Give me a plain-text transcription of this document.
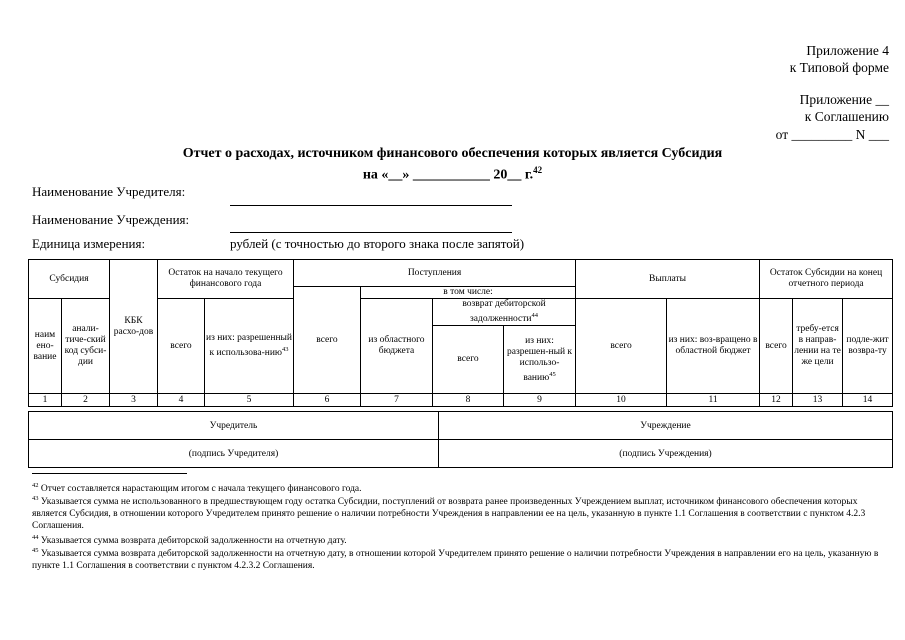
Приложение 4
к Типовой форме
Приложение __
к Соглашению
от _________ N ___
Отчет о расходах, источником финансового обеспечения которых является Субсидия
на «__» ___________ 20__ г.$^{42}$
Наименование Учредителя:
Наименование Учреждения:
Единица измерения:	рублей (с точностью до второго знака после запятой)
Субсидия		КБК расхо-дов	Остаток на начало текущего финансового года		Поступления				Выплаты		Остаток Субсидии на конец отчетного периода		
					всего	в том числе:							
наим ено-вание	анали-тиче-ский код субси-дии		всего	из них: разрешенный к использова-нию$^{43}$		из областного бюджета	возврат дебиторской задолженности$^{44}$		всего	из них: воз-вращено в областной бюджет	всего	требу-ется в направ-лении на те же цели	подле-жит возвра-ту
							всего	из них: разрешен-ный к использо-ванию$^{45}$
1	2	3	4	5	6	7	8	9	10	11	12	13	14
Учредитель	Учреждение
(подпись Учредителя)	(подпись Учреждения)
$^{42}$ Отчет составляется нарастающим итогом с начала текущего финансового года.
$^{43}$ Указывается сумма не использованного в предшествующем году остатка Субсидии, поступлений от возврата ранее произведенных Учреждением выплат, источником финансового обеспечения которых является Субсидия, в отношении которого Учредителем принято решение о наличии потребности Учреждения в направлении ее на цель, указанную в пункте 1.1 Соглашения в соответствии с пунктом 4.2.3 Соглашения.
$^{44}$ Указывается сумма возврата дебиторской задолженности на отчетную дату.
$^{45}$ Указывается сумма возврата дебиторской задолженности на отчетную дату, в отношении которой Учредителем принято решение о наличии потребности Учреждения в направлении его на цель, указанную в пункте 1.1 Соглашения в соответствии с пунктом 4.2.3.2 Соглашения.
